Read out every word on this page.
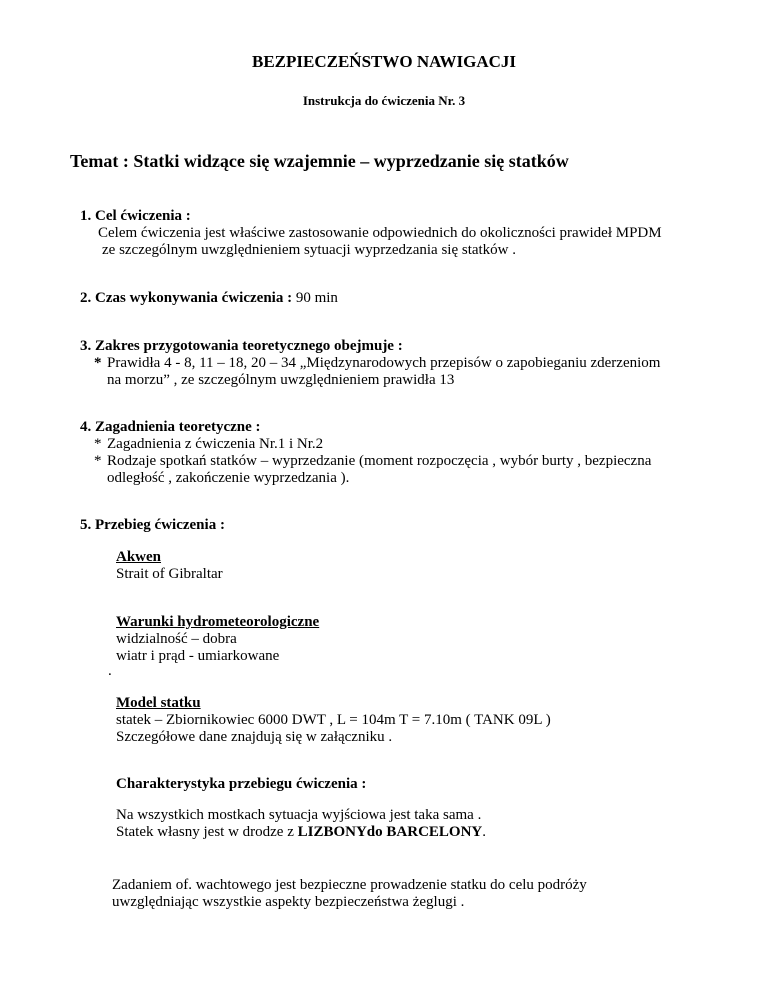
BEZPIECZEŃSTWO NAWIGACJI

Instrukcja do ćwiczenia Nr. 3

Temat : Statki widzące się wzajemnie – wyprzedzanie się statków

1. Cel ćwiczenia :

Celem ćwiczenia jest właściwe zastosowanie odpowiednich do okoliczności prawideł MPDM

ze szczególnym uwzględnieniem sytuacji wyprzedzania się statków .

2. Czas wykonywania ćwiczenia : 90 min

3. Zakres przygotowania teoretycznego obejmuje :

* Prawidła 4 - 8, 11 – 18, 20 – 34 „Międzynarodowych przepisów o zapobieganiu zderzeniom

na morzu” , ze szczególnym uwzględnieniem prawidła 13

4. Zagadnienia teoretyczne :

* Zagadnienia z ćwiczenia Nr.1 i Nr.2

* Rodzaje spotkań statków – wyprzedzanie (moment rozpoczęcia , wybór burty , bezpieczna

odległość , zakończenie wyprzedzania ).

5. Przebieg ćwiczenia :

Akwen

Strait of Gibraltar

Warunki hydrometeorologiczne

widzialność – dobra

wiatr i prąd - umiarkowane

.

Model statku

statek – Zbiornikowiec 6000 DWT , L = 104m T = 7.10m ( TANK 09L )

Szczegółowe dane znajdują się w załączniku .

Charakterystyka przebiegu ćwiczenia :

Na wszystkich mostkach sytuacja wyjściowa jest taka sama .

Statek własny jest w drodze z LIZBONYdo BARCELONY.

Zadaniem of. wachtowego jest bezpieczne prowadzenie statku do celu podróży

uwzględniając wszystkie aspekty bezpieczeństwa żeglugi .
